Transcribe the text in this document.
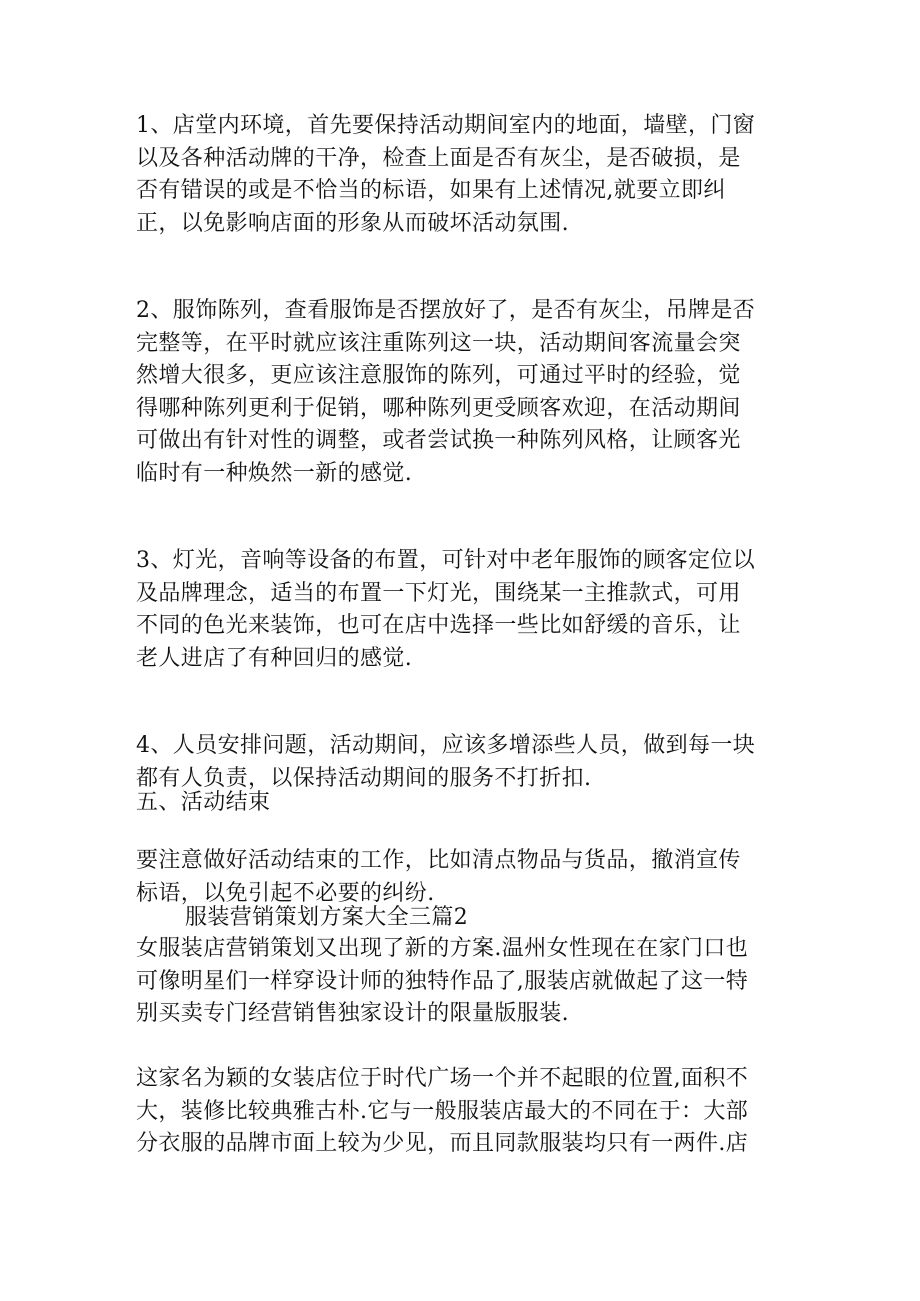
1、店堂内环境，首先要保持活动期间室内的地面，墙壁，门窗
以及各种活动牌的干净，检查上面是否有灰尘，是否破损，是
否有错误的或是不恰当的标语，如果有上述情况,就要立即纠
正，以免影响店面的形象从而破坏活动氛围.

2、服饰陈列，查看服饰是否摆放好了，是否有灰尘，吊牌是否
完整等，在平时就应该注重陈列这一块，活动期间客流量会突
然增大很多，更应该注意服饰的陈列，可通过平时的经验，觉
得哪种陈列更利于促销，哪种陈列更受顾客欢迎，在活动期间
可做出有针对性的调整，或者尝试换一种陈列风格，让顾客光
临时有一种焕然一新的感觉.

3、灯光，音响等设备的布置，可针对中老年服饰的顾客定位以
及品牌理念，适当的布置一下灯光，围绕某一主推款式，可用
不同的色光来装饰，也可在店中选择一些比如舒缓的音乐，让
老人进店了有种回归的感觉.

4、人员安排问题，活动期间，应该多增添些人员，做到每一块
都有人负责，以保持活动期间的服务不打折扣.

五、活动结束

要注意做好活动结束的工作，比如清点物品与货品，撤消宣传
标语，以免引起不必要的纠纷.

服装营销策划方案大全三篇2

女服装店营销策划又出现了新的方案.温州女性现在在家门口也
可像明星们一样穿设计师的独特作品了,服装店就做起了这一特
别买卖专门经营销售独家设计的限量版服装.

这家名为颖的女装店位于时代广场一个并不起眼的位置,面积不
大，装修比较典雅古朴.它与一般服装店最大的不同在于：大部
分衣服的品牌市面上较为少见，而且同款服装均只有一两件.店
